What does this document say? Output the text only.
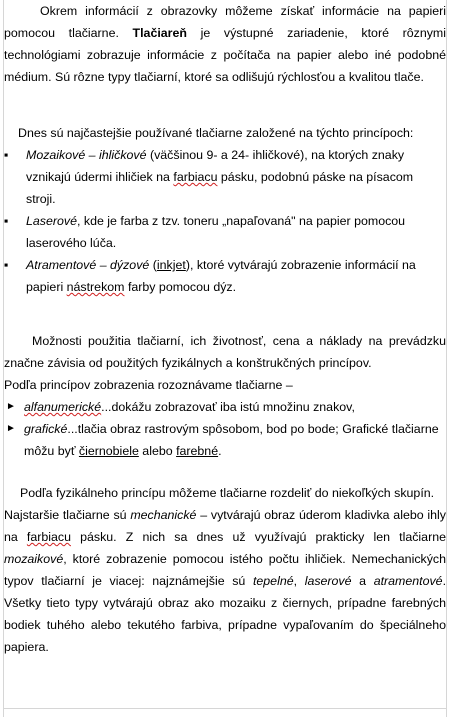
Okrem informácií z obrazovky môžeme získať informácie na papieri pomocou tlačiarne. Tlačiareň je výstupné zariadenie, ktoré rôznymi technológiami zobrazuje informácie z počítača na papier alebo iné podobné médium. Sú rôzne typy tlačiarní, ktoré sa odlišujú rýchlosťou a kvalitou tlače.

Dnes sú najčastejšie používané tlačiarne založené na týchto princípoch:

▪	Mozaikové – ihličkové (väčšinou 9- a 24- ihličkové), na ktorých znaky vznikajú údermi ihličiek na farbiacu pásku, podobnú páske na písacom stroji.

▪	Laserové, kde je farba z tzv. toneru „napaľovaná" na papier pomocou laserového lúča.

▪	Atramentové – dýzové (inkjet), ktoré vytvárajú zobrazenie informácií na papieri nástrekom farby pomocou dýz.

Možnosti použitia tlačiarní, ich životnosť, cena a náklady na prevádzku značne závisia od použitých fyzikálnych a konštrukčných princípov.

Podľa princípov zobrazenia rozoznávame tlačiarne –

► alfanumerické...dokážu zobrazovať iba istú množinu znakov,

► grafické...tlačia obraz rastrovým spôsobom, bod po bode; Grafické tlačiarne môžu byť čiernobiele alebo farebné.

Podľa fyzikálneho princípu môžeme tlačiarne rozdeliť do niekoľkých skupín.

Najstaršie tlačiarne sú mechanické – vytvárajú obraz úderom kladivka alebo ihly na farbiacu pásku. Z nich sa dnes už využívajú prakticky len tlačiarne mozaikové, ktoré zobrazenie pomocou istého počtu ihličiek. Nemechanických typov tlačiarní je viacej: najznámejšie sú tepelné, laserové a atramentové. Všetky tieto typy vytvárajú obraz ako mozaiku z čiernych, prípadne farebných bodiek tuhého alebo tekutého farbiva, prípadne vypaľovaním do špeciálneho papiera.
